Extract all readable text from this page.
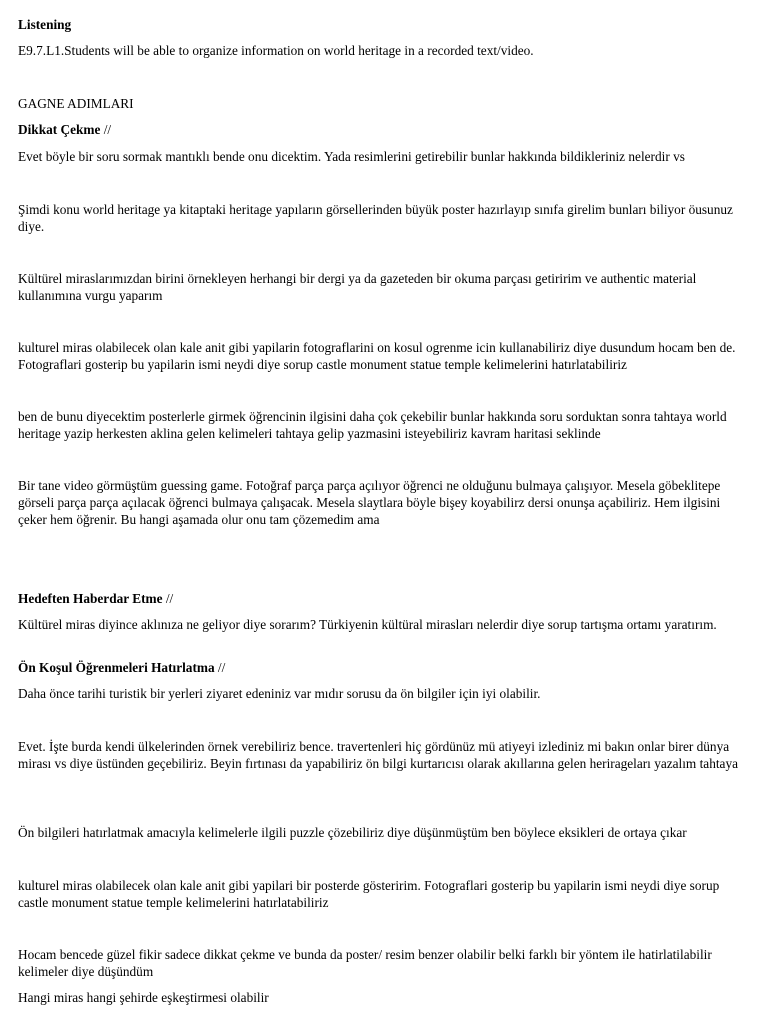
Listening

E9.7.L1.Students will be able to organize information on world heritage in a recorded text/video.

GAGNE ADIMLARI

Dikkat Çekme //

Evet böyle bir soru sormak mantıklı bende onu dicektim. Yada resimlerini getirebilir bunlar hakkında bildikleriniz nelerdir vs

Şimdi konu world heritage ya kitaptaki heritage yapıların görsellerinden büyük poster hazırlayıp sınıfa girelim bunları biliyor öusunuz diye.

Kültürel miraslarımızdan birini örnekleyen herhangi bir dergi ya da gazeteden bir okuma parçası getiririm ve authentic material kullanımına vurgu yaparım

kulturel miras olabilecek olan kale anit gibi yapilarin fotograflarini on kosul ogrenme icin kullanabiliriz diye dusundum hocam ben de. Fotograflari gosterip bu yapilarin ismi neydi diye sorup castle monument statue temple kelimelerini hatırlatabiliriz

ben de bunu diyecektim posterlerle girmek öğrencinin ilgisini daha çok çekebilir bunlar hakkında soru sorduktan sonra tahtaya world heritage yazip herkesten aklina gelen kelimeleri tahtaya gelip yazmasini isteyebiliriz kavram haritasi seklinde

Bir tane video görmüştüm guessing game. Fotoğraf parça parça açılıyor öğrenci ne olduğunu bulmaya çalışıyor. Mesela göbeklitepe görseli parça parça açılacak öğrenci bulmaya çalışacak. Mesela slaytlara böyle bişey koyabilirz dersi onunşa açabiliriz. Hem ilgisini çeker hem öğrenir. Bu hangi aşamada olur onu tam çözemedim ama

Hedeften Haberdar Etme //

Kültürel miras diyince aklınıza ne geliyor diye sorarım? Türkiyenin kültüral mirasları nelerdir diye sorup tartışma ortamı yaratırım.

Ön Koşul Öğrenmeleri Hatırlatma //

Daha önce tarihi turistik bir yerleri ziyaret edeniniz var mıdır sorusu da ön bilgiler için iyi olabilir.

Evet. İşte burda kendi ülkelerinden örnek verebiliriz bence. travertenleri hiç gördünüz mü atiyeyi izlediniz mi bakın onlar birer dünya mirası vs diye üstünden geçebiliriz. Beyin fırtınası da yapabiliriz ön bilgi kurtarıcısı olarak akıllarına gelen herirageları yazalım tahtaya

Ön bilgileri hatırlatmak amacıyla kelimelerle ilgili puzzle çözebiliriz diye düşünmüştüm ben böylece eksikleri de ortaya çıkar

kulturel miras olabilecek olan kale anit gibi yapilari bir posterde gösteririm. Fotograflari gosterip bu yapilarin ismi neydi diye sorup castle monument statue temple kelimelerini hatırlatabiliriz

Hocam bencede güzel fikir sadece dikkat çekme ve bunda da poster/ resim benzer olabilir belki farklı bir yöntem ile hatirlatilabilir kelimeler diye düşündüm

Hangi miras hangi şehirde eşkeştirmesi olabilir
